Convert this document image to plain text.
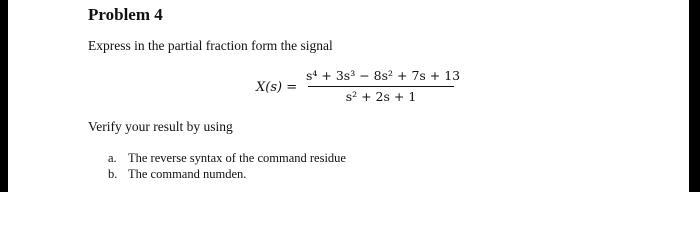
Problem 4
Express in the partial fraction form the signal
X(s) =
s⁴ + 3s³ − 8s² + 7s + 13
s² + 2s + 1
Verify your result by using
a. The reverse syntax of the command residue
b. The command numden.
